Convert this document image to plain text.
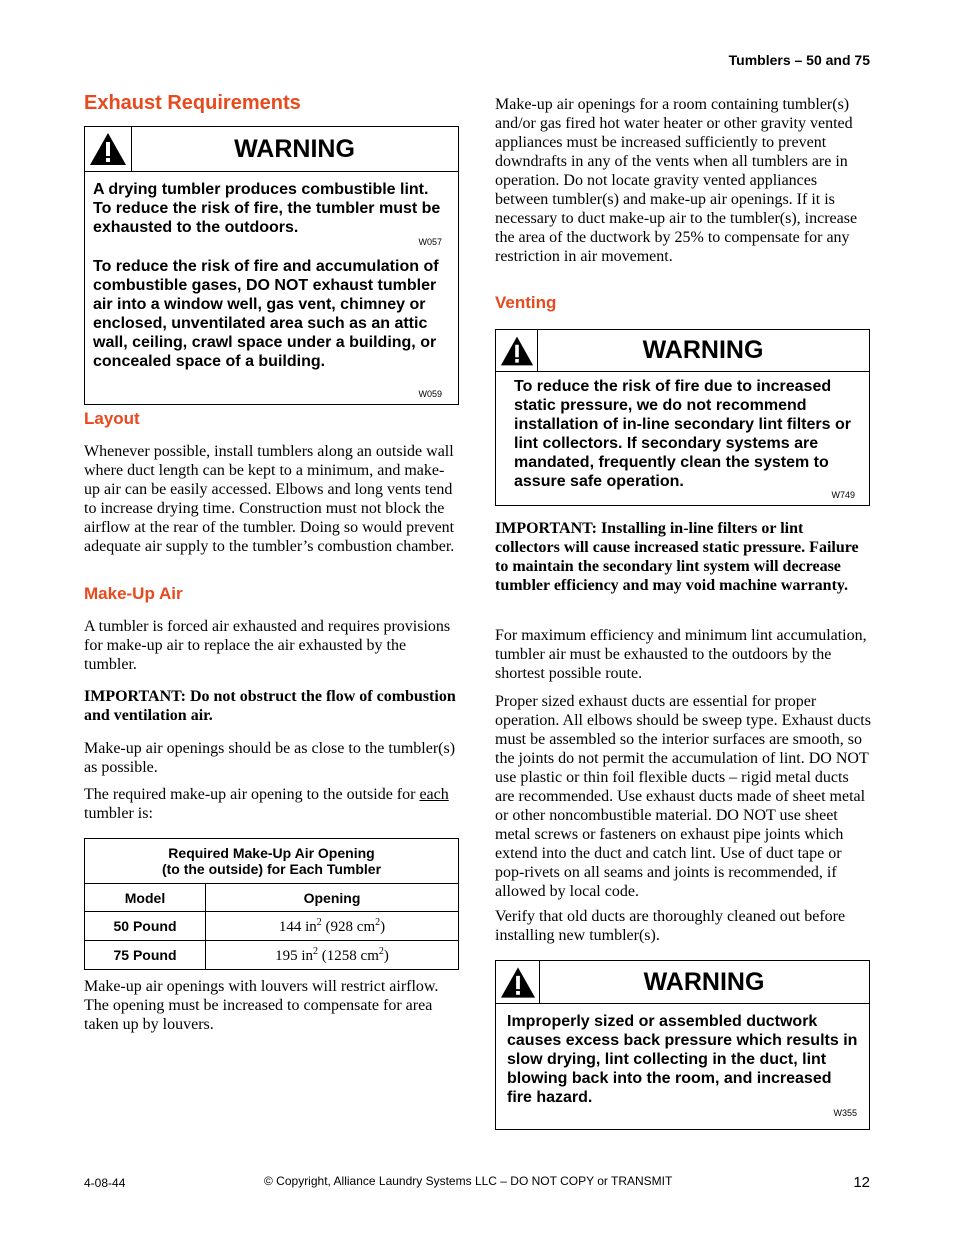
Tumblers – 50 and 75
Exhaust Requirements
WARNING

A drying tumbler produces combustible lint. To reduce the risk of fire, the tumbler must be exhausted to the outdoors.

W057

To reduce the risk of fire and accumulation of combustible gases, DO NOT exhaust tumbler air into a window well, gas vent, chimney or enclosed, unventilated area such as an attic wall, ceiling, crawl space under a building, or concealed space of a building.

W059
Layout

Whenever possible, install tumblers along an outside wall where duct length can be kept to a minimum, and make-up air can be easily accessed. Elbows and long vents tend to increase drying time. Construction must not block the airflow at the rear of the tumbler. Doing so would prevent adequate air supply to the tumbler’s combustion chamber.

Make-Up Air

A tumbler is forced air exhausted and requires provisions for make-up air to replace the air exhausted by the tumbler.

IMPORTANT: Do not obstruct the flow of combustion and ventilation air.

Make-up air openings should be as close to the tumbler(s) as possible.

The required make-up air opening to the outside for each tumbler is:

Required Make-Up Air Opening
(to the outside) for Each Tumbler	
Model	Opening
50 Pound	144 $in^2$ (928 $cm^2$)
75 Pound	195 $in^2$ (1258 $cm^2$)

Make-up air openings with louvers will restrict airflow. The opening must be increased to compensate for area taken up by louvers.

Make-up air openings for a room containing tumbler(s) and/or gas fired hot water heater or other gravity vented appliances must be increased sufficiently to prevent downdrafts in any of the vents when all tumblers are in operation. Do not locate gravity vented appliances between tumbler(s) and make-up air openings. If it is necessary to duct make-up air to the tumbler(s), increase the area of the ductwork by 25% to compensate for any restriction in air movement.

Venting
WARNING

To reduce the risk of fire due to increased static pressure, we do not recommend installation of in-line secondary lint filters or lint collectors. If secondary systems are mandated, frequently clean the system to assure safe operation.

W749

IMPORTANT: Installing in-line filters or lint collectors will cause increased static pressure. Failure to maintain the secondary lint system will decrease tumbler efficiency and may void machine warranty.

For maximum efficiency and minimum lint accumulation, tumbler air must be exhausted to the outdoors by the shortest possible route.

Proper sized exhaust ducts are essential for proper operation. All elbows should be sweep type. Exhaust ducts must be assembled so the interior surfaces are smooth, so the joints do not permit the accumulation of lint. DO NOT use plastic or thin foil flexible ducts – rigid metal ducts are recommended. Use exhaust ducts made of sheet metal or other noncombustible material. DO NOT use sheet metal screws or fasteners on exhaust pipe joints which extend into the duct and catch lint. Use of duct tape or pop-rivets on all seams and joints is recommended, if allowed by local code.

Verify that old ducts are thoroughly cleaned out before installing new tumbler(s).

WARNING

Improperly sized or assembled ductwork causes excess back pressure which results in slow drying, lint collecting in the duct, lint blowing back into the room, and increased fire hazard.

W355
4-08-44	© Copyright, Alliance Laundry Systems LLC – DO NOT COPY or TRANSMIT	12
